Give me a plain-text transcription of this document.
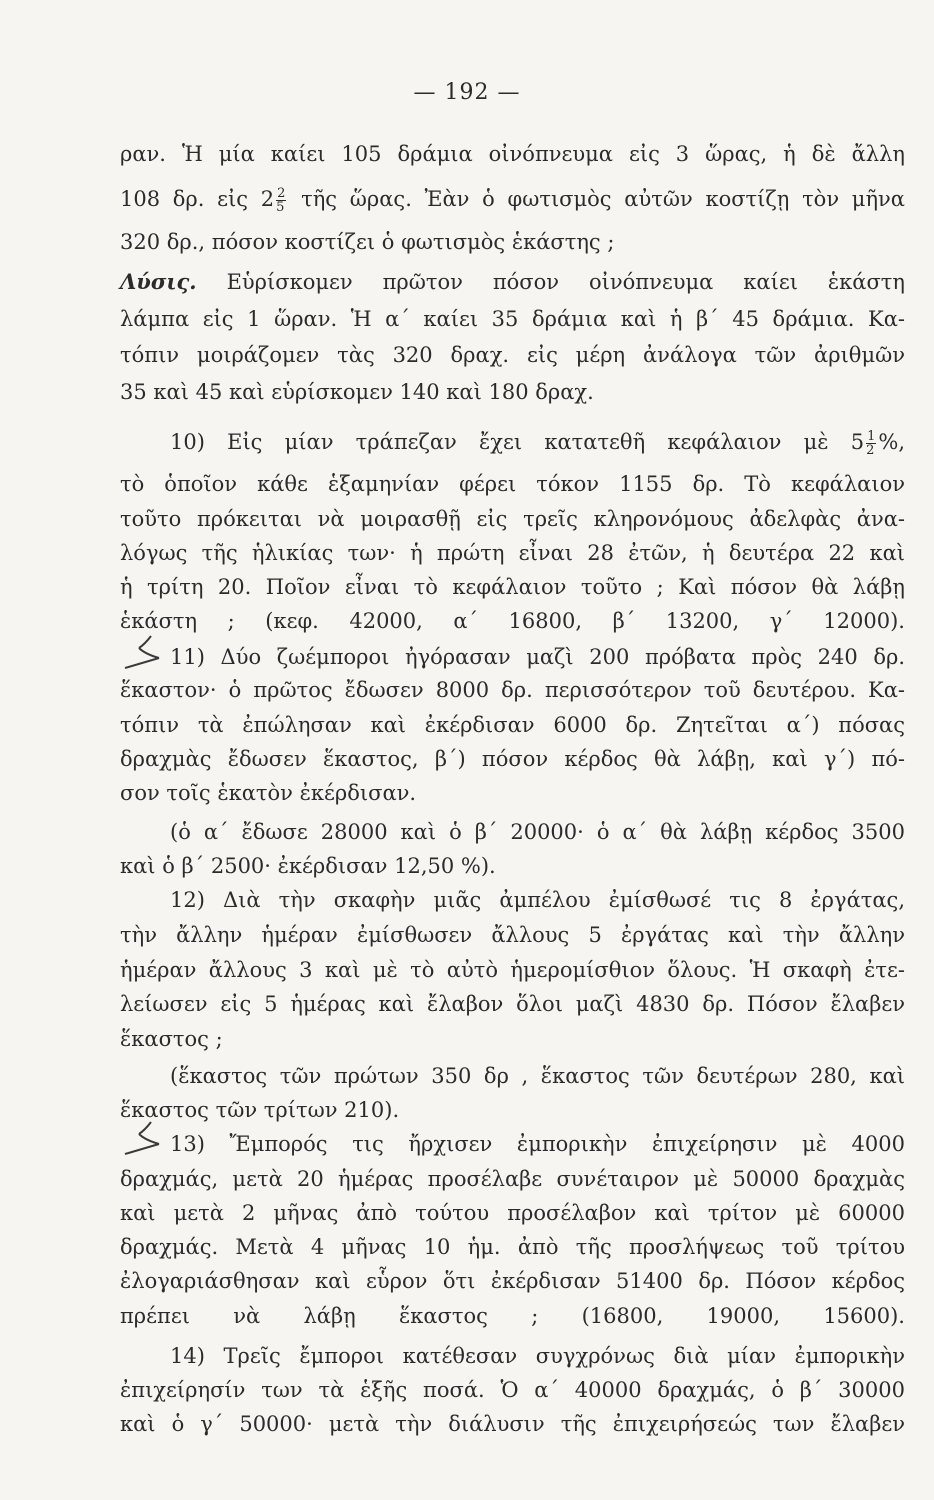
— 192 —
ραν. Ἡ μία καίει 105 δράμια οἰνόπνευμα εἰς 3 ὥρας, ἡ δὲ ἄλλη
108 δρ. εἰς $2 \frac{2}{5}$ τῆς ὥρας. Ἐὰν ὁ φωτισμὸς αὐτῶν κοστίζῃ τὸν μῆνα
320 δρ., πόσον κοστίζει ὁ φωτισμὸς ἑκάστης ;
Λύσις. Εὑρίσκομεν πρῶτον πόσον οἰνόπνευμα καίει ἑκάστη
λάμπα εἰς 1 ὥραν. Ἡ α΄ καίει 35 δράμια καὶ ἡ β΄ 45 δράμια. Κα-
τόπιν μοιράζομεν τὰς 320 δραχ. εἰς μέρη ἀνάλογα τῶν ἀριθμῶν
35 καὶ 45 καὶ εὑρίσκομεν 140 καὶ 180 δραχ.
10) Εἰς μίαν τράπεζαν ἔχει κατατεθῆ κεφάλαιον μὲ $5 \frac{1}{2}$ %,
τὸ ὁποῖον κάθε ἑξαμηνίαν φέρει τόκον 1155 δρ. Τὸ κεφάλαιον
τοῦτο πρόκειται νὰ μοιρασθῇ εἰς τρεῖς κληρονόμους ἀδελφὰς ἀνα-
λόγως τῆς ἡλικίας των· ἡ πρώτη εἶναι 28 ἐτῶν, ἡ δευτέρα 22 καὶ
ἡ τρίτη 20. Ποῖον εἶναι τὸ κεφάλαιον τοῦτο ; Καὶ πόσον θὰ λάβῃ
ἑκάστη ; (κεφ. 42000, α΄ 16800, β΄ 13200, γ΄ 12000).
11) Δύο ζωέμποροι ἠγόρασαν μαζὶ 200 πρόβατα πρὸς 240 δρ.
ἕκαστον· ὁ πρῶτος ἔδωσεν 8000 δρ. περισσότερον τοῦ δευτέρου. Κα-
τόπιν τὰ ἐπώλησαν καὶ ἐκέρδισαν 6000 δρ. Ζητεῖται α΄) πόσας
δραχμὰς ἔδωσεν ἕκαστος, β΄) πόσον κέρδος θὰ λάβῃ, καὶ γ΄) πό-
σον τοῖς ἑκατὸν ἐκέρδισαν.
(ὁ α΄ ἔδωσε 28000 καὶ ὁ β΄ 20000· ὁ α΄ θὰ λάβῃ κέρδος 3500
καὶ ὁ β΄ 2500· ἐκέρδισαν 12,50 %).
12) Διὰ τὴν σκαφὴν μιᾶς ἀμπέλου ἐμίσθωσέ τις 8 ἐργάτας,
τὴν ἄλλην ἡμέραν ἐμίσθωσεν ἄλλους 5 ἐργάτας καὶ τὴν ἄλλην
ἡμέραν ἄλλους 3 καὶ μὲ τὸ αὐτὸ ἡμερομίσθιον ὅλους. Ἡ σκαφὴ ἐτε-
λείωσεν εἰς 5 ἡμέρας καὶ ἔλαβον ὅλοι μαζὶ 4830 δρ. Πόσον ἔλαβεν
ἕκαστος ;
(ἕκαστος τῶν πρώτων 350 δρ , ἕκαστος τῶν δευτέρων 280, καὶ
ἕκαστος τῶν τρίτων 210).
13) Ἔμπορός τις ἤρχισεν ἐμπορικὴν ἐπιχείρησιν μὲ 4000
δραχμάς, μετὰ 20 ἡμέρας προσέλαβε συνέταιρον μὲ 50000 δραχμὰς
καὶ μετὰ 2 μῆνας ἀπὸ τούτου προσέλαβον καὶ τρίτον μὲ 60000
δραχμάς. Μετὰ 4 μῆνας 10 ἡμ. ἀπὸ τῆς προσλήψεως τοῦ τρίτου
ἐλογαριάσθησαν καὶ εὗρον ὅτι ἐκέρδισαν 51400 δρ. Πόσον κέρδος
πρέπει νὰ λάβῃ ἕκαστος ; (16800, 19000, 15600).
14) Τρεῖς ἔμποροι κατέθεσαν συγχρόνως διὰ μίαν ἐμπορικὴν
ἐπιχείρησίν των τὰ ἑξῆς ποσά. Ὁ α΄ 40000 δραχμάς, ὁ β΄ 30000
καὶ ὁ γ΄ 50000· μετὰ τὴν διάλυσιν τῆς ἐπιχειρήσεώς των ἔλαβεν
